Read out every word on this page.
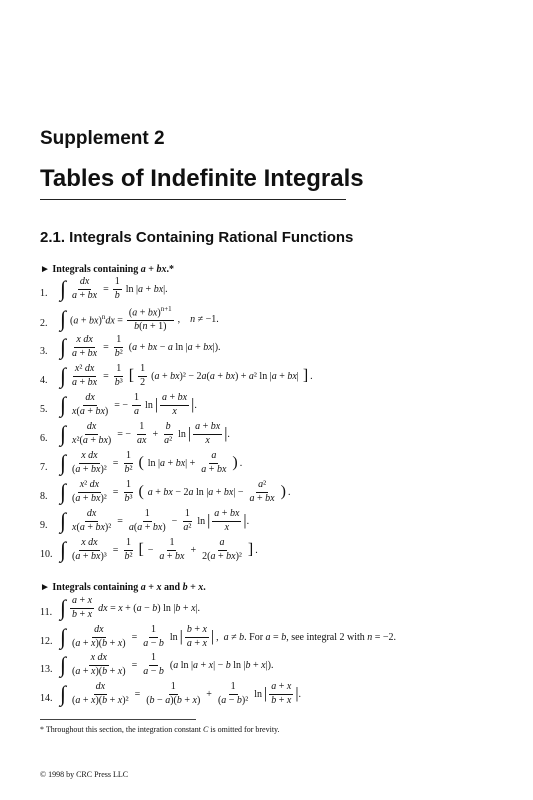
Supplement 2
Tables of Indefinite Integrals
2.1. Integrals Containing Rational Functions
► Integrals containing a + bx.*
1. ∫ $\frac{dx}{a + bx} = \frac{1}{b}$ ln |a + bx|.
2. ∫ $(a + bx)^ndx = \frac{(a + bx)^{n+1}}{b(n + 1)}$ ,    n ≠ −1.
3. ∫ $\frac{\text{x dx}}{a + bx} = \frac{1}{\text{b²}} (a$ + bx − a ln |a + bx|).
4. ∫ $\frac{\text{x² dx}}{a + bx} = \frac{1}{\text{b³}}$ [ $\frac{1}{2} (a + bx)^2 - 2a(a + bx) + a^2$ ln |a + bx| ] .
5. ∫ $\frac{dx}{x(a + bx)}$ = − $\frac{1}{a}$ ln | $\frac{a + bx}{x}$ | .
6. ∫ $\frac{dx}{\text{x²(a + bx)}}$ = − $\frac{1}{ax} + \frac{b}{\text{a²}}$ ln | $\frac{a + bx}{x}$ | .
7. ∫ $\frac{\text{x dx}}{\text{(a + bx)²}} = \frac{1}{\text{b²}}$ ( $\ln |a + bx| + \frac{a}{a + bx}$ ) .
8. ∫ $\frac{\text{x² dx}}{\text{(a + bx)²}} = \frac{1}{\text{b³}}$ ( a + bx − 2a $\ln |a + bx| - \frac{\text{a²}}{a + bx}$ ) .
9. ∫ $\frac{dx}{\text{x(a + bx)²}} = \frac{1}{a(a + bx)} - \frac{1}{\text{a²}}$ ln | $\frac{a + bx}{x}$ | .
10. ∫ $\frac{\text{x dx}}{\text{(a + bx)³}} = \frac{1}{\text{b²}}$ [ − $\frac{1}{a + bx} + \frac{a}{\text{2(a + bx)²}}$ ] .
► Integrals containing a + x and b + x.
11. ∫ $\frac{a + x}{b + x}$ dx = x + (a − b) ln |b + x|.
12. ∫ $\frac{dx}{(a + x)(b + x)} = \frac{1}{a - b}$ ln | $\frac{b + x}{a + x}$ | ,  a ≠ b. For a = b, see integral 2 with n = −2.
13. ∫ $\frac{\text{x dx}}{(a + x)(b + x)} = \frac{1}{a - b} (a$ ln |a + x| − b ln |b + x|).
14. ∫ $\frac{dx}{\text{(a + x)(b + x)²}} = \frac{1}{(b - a)(b + x)} + \frac{1}{\text{(a − b)²}}$ ln | $\frac{a + x}{b + x}$ | .
* Throughout this section, the integration constant C is omitted for brevity.
© 1998 by CRC Press LLC
